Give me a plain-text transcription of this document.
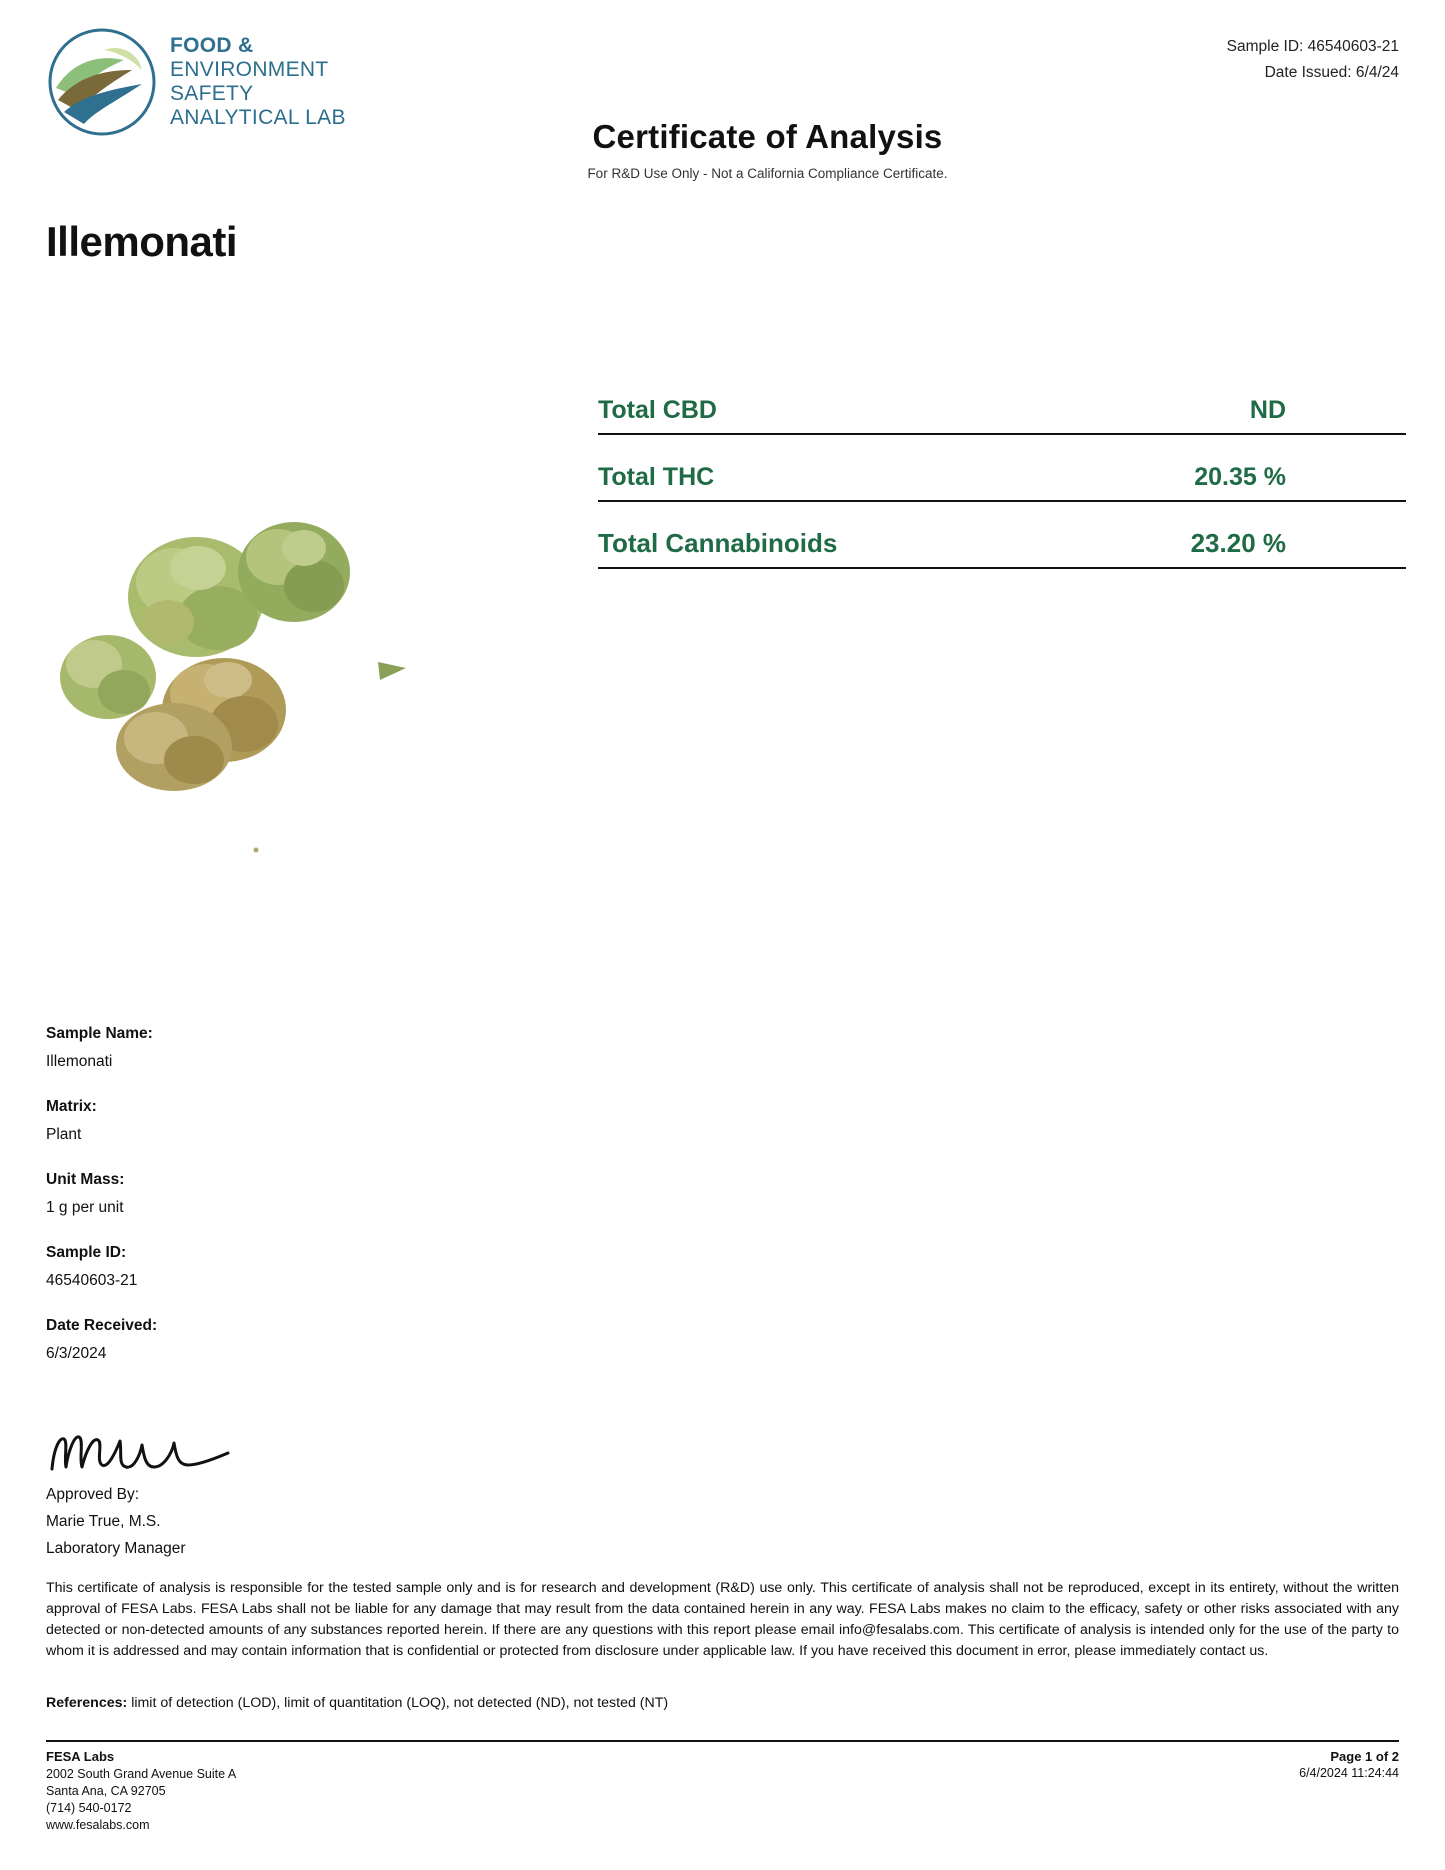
FOOD &
ENVIRONMENT
SAFETY
ANALYTICAL LAB
Sample ID: 46540603-21
Date Issued: 6/4/24
Certificate of Analysis
For R&D Use Only - Not a California Compliance Certificate.
Illemonati
Total CBD	ND
Total THC	20.35 %
Total Cannabinoids	23.20 %
Sample Name:
Illemonati
Matrix:
Plant
Unit Mass:
1 g per unit
Sample ID:
46540603-21
Date Received:
6/3/2024
Approved By:
Marie True, M.S.
Laboratory Manager
This certificate of analysis is responsible for the tested sample only and is for research and development (R&D) use only. This certificate of analysis shall not be reproduced, except in its entirety, without the written approval of FESA Labs. FESA Labs shall not be liable for any damage that may result from the data contained herein in any way. FESA Labs makes no claim to the efficacy, safety or other risks associated with any detected or non-detected amounts of any substances reported herein. If there are any questions with this report please email info@fesalabs.com. This certificate of analysis is intended only for the use of the party to whom it is addressed and may contain information that is confidential or protected from disclosure under applicable law. If you have received this document in error, please immediately contact us.
References: limit of detection (LOD), limit of quantitation (LOQ), not detected (ND), not tested (NT)
FESA Labs
2002 South Grand Avenue Suite A
Santa Ana, CA 92705
(714) 540-0172
www.fesalabs.com
Page 1 of 2
6/4/2024 11:24:44
